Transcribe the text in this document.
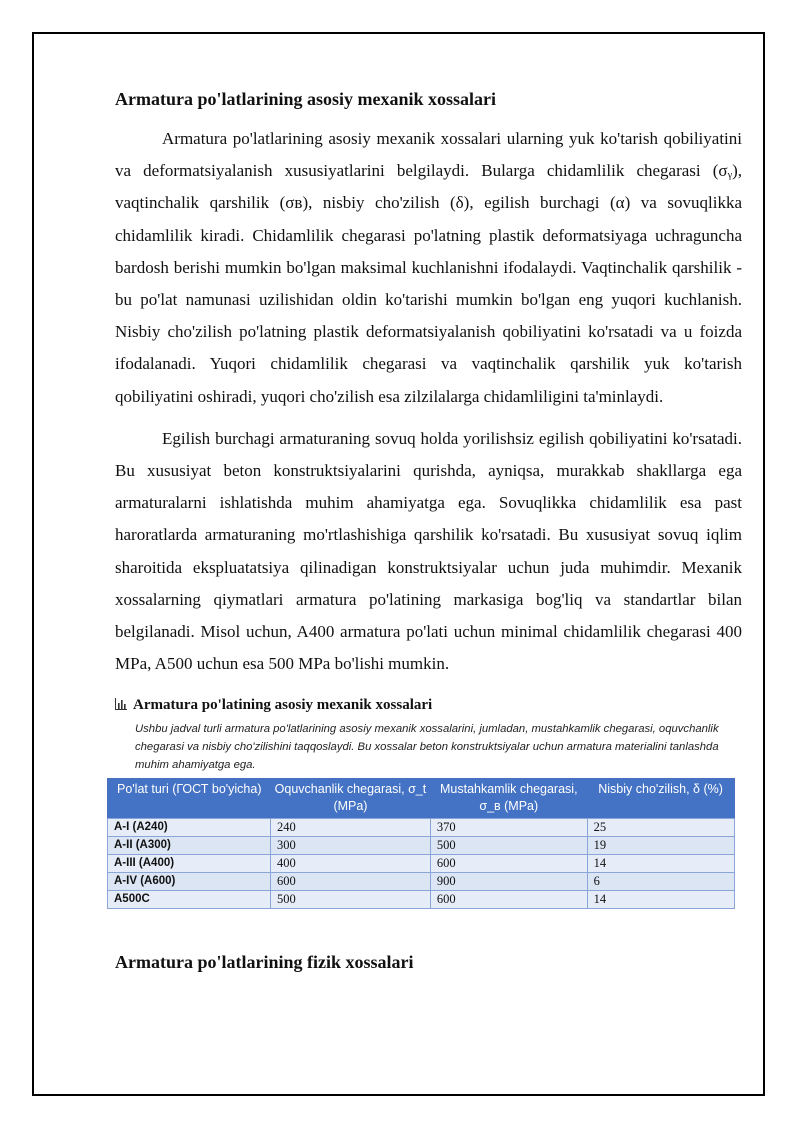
Armatura po'latlarining asosiy mexanik xossalari

Armatura po'latlarining asosiy mexanik xossalari ularning yuk ko'tarish qobiliyatini va deformatsiyalanish xususiyatlarini belgilaydi. Bularga chidamlilik chegarasi (σᵧ), vaqtinchalik qarshilik (σв), nisbiy cho'zilish (δ), egilish burchagi (α) va sovuqlikka chidamlilik kiradi. Chidamlilik chegarasi po'latning plastik deformatsiyaga uchraguncha bardosh berishi mumkin bo'lgan maksimal kuchlanishni ifodalaydi. Vaqtinchalik qarshilik - bu po'lat namunasi uzilishidan oldin ko'tarishi mumkin bo'lgan eng yuqori kuchlanish. Nisbiy cho'zilish po'latning plastik deformatsiyalanish qobiliyatini ko'rsatadi va u foizda ifodalanadi. Yuqori chidamlilik chegarasi va vaqtinchalik qarshilik yuk ko'tarish qobiliyatini oshiradi, yuqori cho'zilish esa zilzilalarga chidamliligini ta'minlaydi.

Egilish burchagi armaturaning sovuq holda yorilishsiz egilish qobiliyatini ko'rsatadi. Bu xususiyat beton konstruktsiyalarini qurishda, ayniqsa, murakkab shakllarga ega armaturalarni ishlatishda muhim ahamiyatga ega. Sovuqlikka chidamlilik esa past haroratlarda armaturaning mo'rtlashishiga qarshilik ko'rsatadi. Bu xususiyat sovuq iqlim sharoitida ekspluatatsiya qilinadigan konstruktsiyalar uchun juda muhimdir. Mexanik xossalarning qiymatlari armatura po'latining markasiga bog'liq va standartlar bilan belgilanadi. Misol uchun, A400 armatura po'lati uchun minimal chidamlilik chegarasi 400 MPa, A500 uchun esa 500 MPa bo'lishi mumkin.

Armatura po'latining asosiy mexanik xossalari
Ushbu jadval turli armatura po'latlarining asosiy mexanik xossalarini, jumladan, mustahkamlik chegarasi, oquvchanlik chegarasi va nisbiy cho'zilishini taqqoslaydi. Bu xossalar beton konstruktsiyalar uchun armatura materialini tanlashda muhim ahamiyatga ega.
Po'lat turi (ГОСТ bo'yicha)	Oquvchanlik chegarasi, σ_t (MPa)	Mustahkamlik chegarasi, σ_в (MPa)	Nisbiy cho'zilish, δ (%)
A-I (A240)	240	370	25
A-II (A300)	300	500	19
A-III (A400)	400	600	14
A-IV (A600)	600	900	6
A500C	500	600	14
Armatura po'latlarining fizik xossalari
